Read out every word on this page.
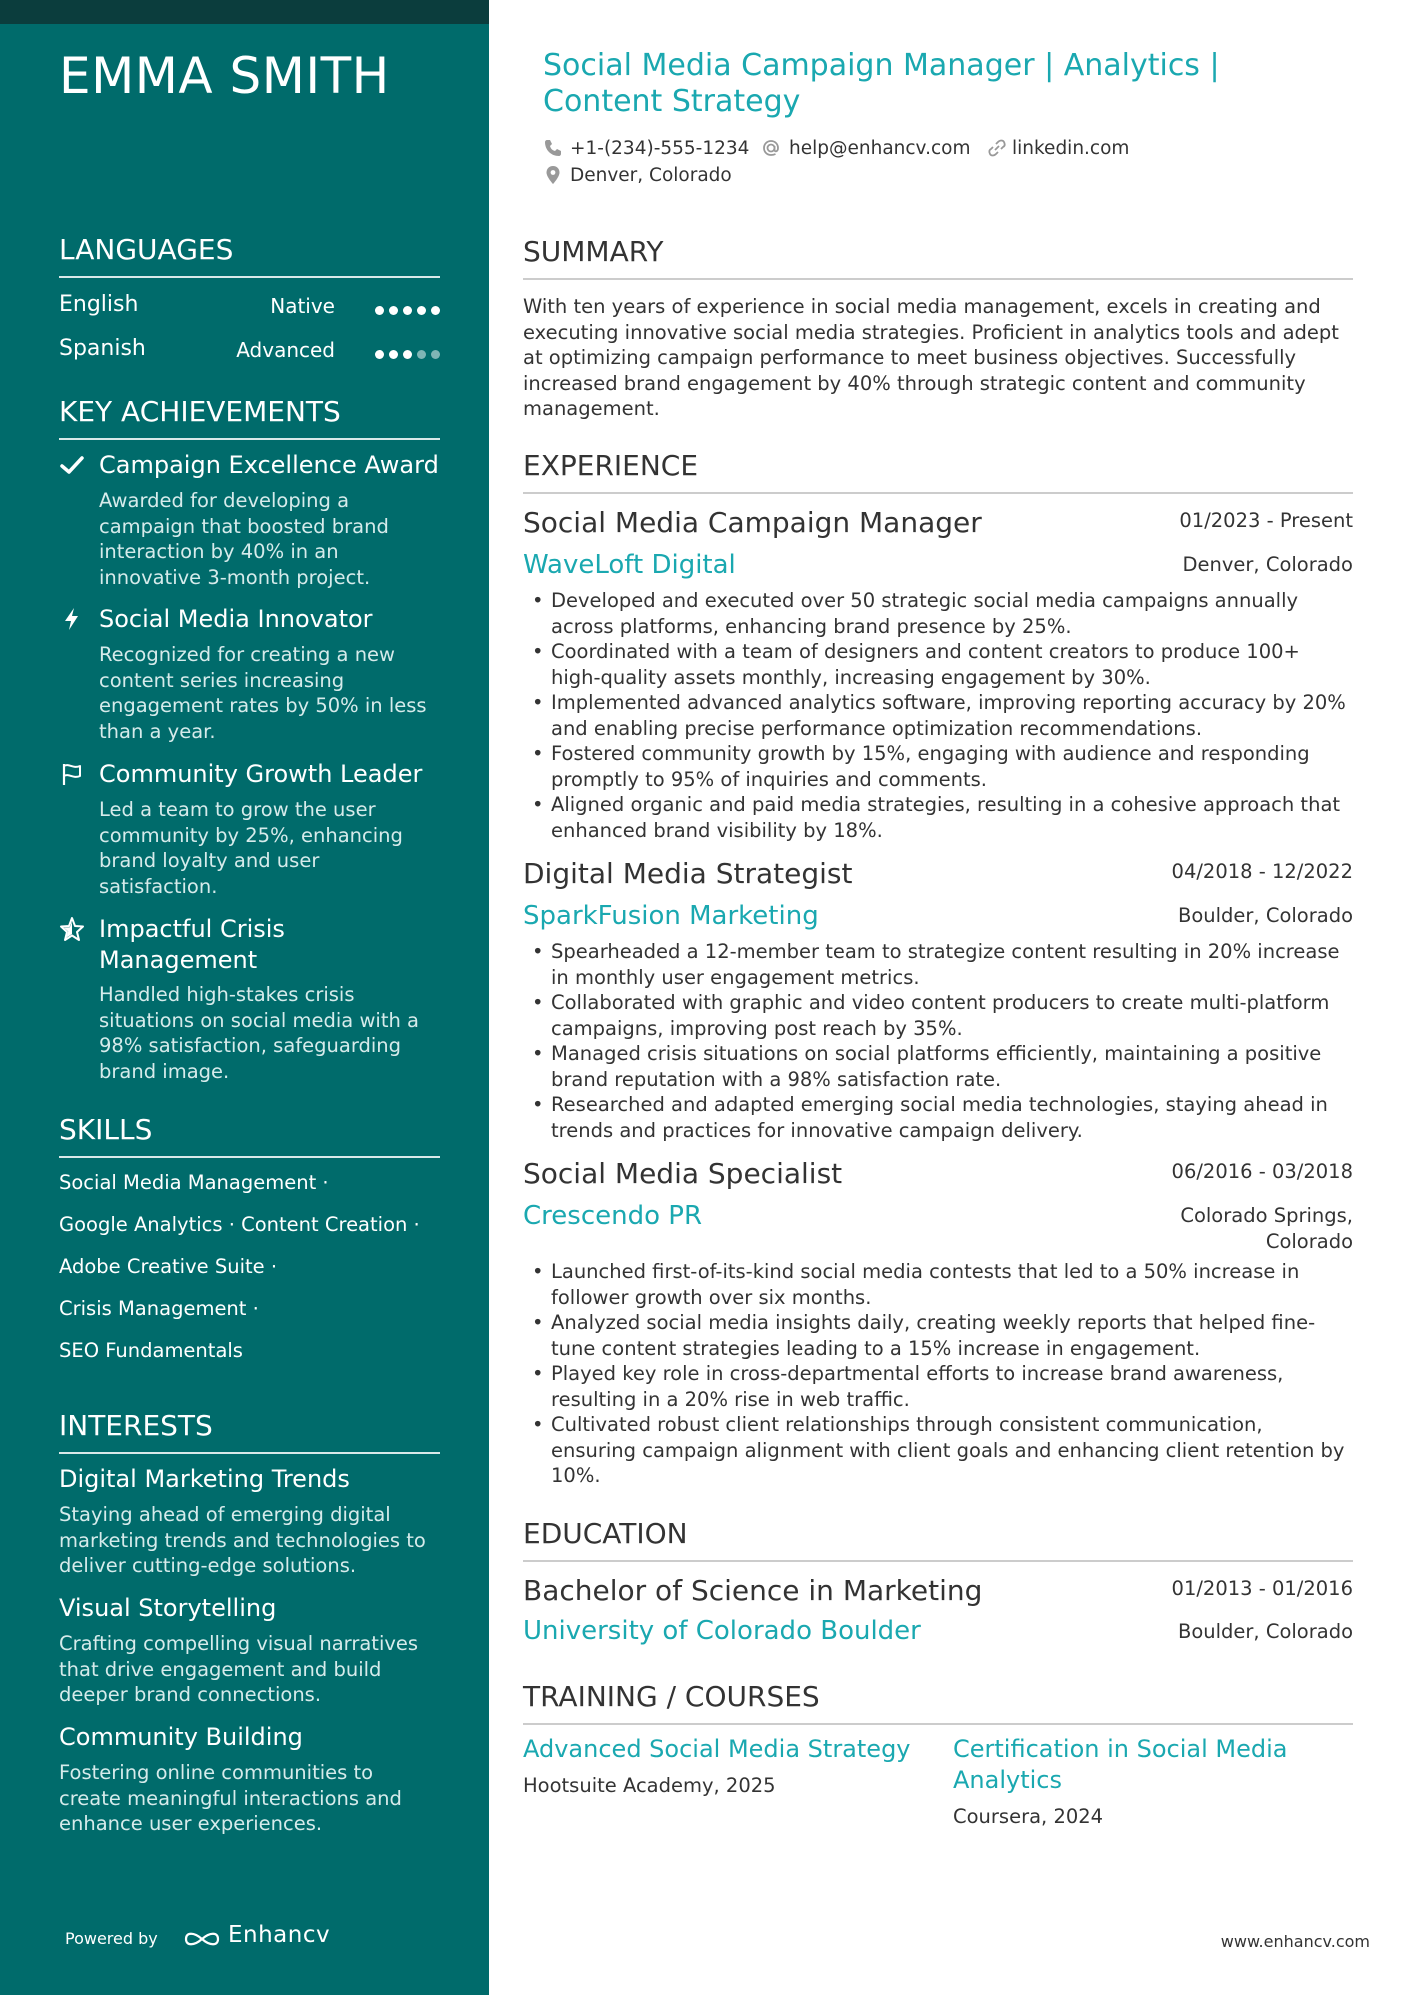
EMMA SMITH
LANGUAGES
English	Native
Spanish	Advanced
KEY ACHIEVEMENTS
Campaign Excellence Award
Awarded for developing a campaign that boosted brand interaction by 40% in an innovative 3-month project.
Social Media Innovator
Recognized for creating a new content series increasing engagement rates by 50% in less than a year.
Community Growth Leader
Led a team to grow the user community by 25%, enhancing brand loyalty and user satisfaction.
Impactful Crisis Management
Handled high-stakes crisis situations on social media with a 98% satisfaction, safeguarding brand image.
SKILLS
Social Media Management ·
Google Analytics · Content Creation ·
Adobe Creative Suite ·
Crisis Management ·
SEO Fundamentals
INTERESTS
Digital Marketing Trends
Staying ahead of emerging digital marketing trends and technologies to deliver cutting-edge solutions.
Visual Storytelling
Crafting compelling visual narratives that drive engagement and build deeper brand connections.
Community Building
Fostering online communities to create meaningful interactions and enhance user experiences.
Powered by	Enhancv
Social Media Campaign Manager | Analytics | Content Strategy
+1-(234)-555-1234 help@enhancv.com linkedin.com
Denver, Colorado
SUMMARY
With ten years of experience in social media management, excels in creating and executing innovative social media strategies. Proficient in analytics tools and adept at optimizing campaign performance to meet business objectives. Successfully increased brand engagement by 40% through strategic content and community management.
EXPERIENCE
Social Media Campaign Manager	01/2023 - Present
WaveLoft Digital	Denver, Colorado
• Developed and executed over 50 strategic social media campaigns annually across platforms, enhancing brand presence by 25%.
• Coordinated with a team of designers and content creators to produce 100+ high-quality assets monthly, increasing engagement by 30%.
• Implemented advanced analytics software, improving reporting accuracy by 20% and enabling precise performance optimization recommendations.
• Fostered community growth by 15%, engaging with audience and responding promptly to 95% of inquiries and comments.
• Aligned organic and paid media strategies, resulting in a cohesive approach that enhanced brand visibility by 18%.
Digital Media Strategist	04/2018 - 12/2022
SparkFusion Marketing	Boulder, Colorado
• Spearheaded a 12-member team to strategize content resulting in 20% increase in monthly user engagement metrics.
• Collaborated with graphic and video content producers to create multi-platform campaigns, improving post reach by 35%.
• Managed crisis situations on social platforms efficiently, maintaining a positive brand reputation with a 98% satisfaction rate.
• Researched and adapted emerging social media technologies, staying ahead in trends and practices for innovative campaign delivery.
Social Media Specialist	06/2016 - 03/2018
Crescendo PR	Colorado Springs,
Colorado
• Launched first-of-its-kind social media contests that led to a 50% increase in follower growth over six months.
• Analyzed social media insights daily, creating weekly reports that helped fine-tune content strategies leading to a 15% increase in engagement.
• Played key role in cross-departmental efforts to increase brand awareness, resulting in a 20% rise in web traffic.
• Cultivated robust client relationships through consistent communication, ensuring campaign alignment with client goals and enhancing client retention by 10%.
EDUCATION
Bachelor of Science in Marketing	01/2013 - 01/2016
University of Colorado Boulder	Boulder, Colorado
TRAINING / COURSES
Advanced Social Media Strategy
Hootsuite Academy, 2025
Certification in Social Media Analytics
Coursera, 2024
www.enhancv.com
